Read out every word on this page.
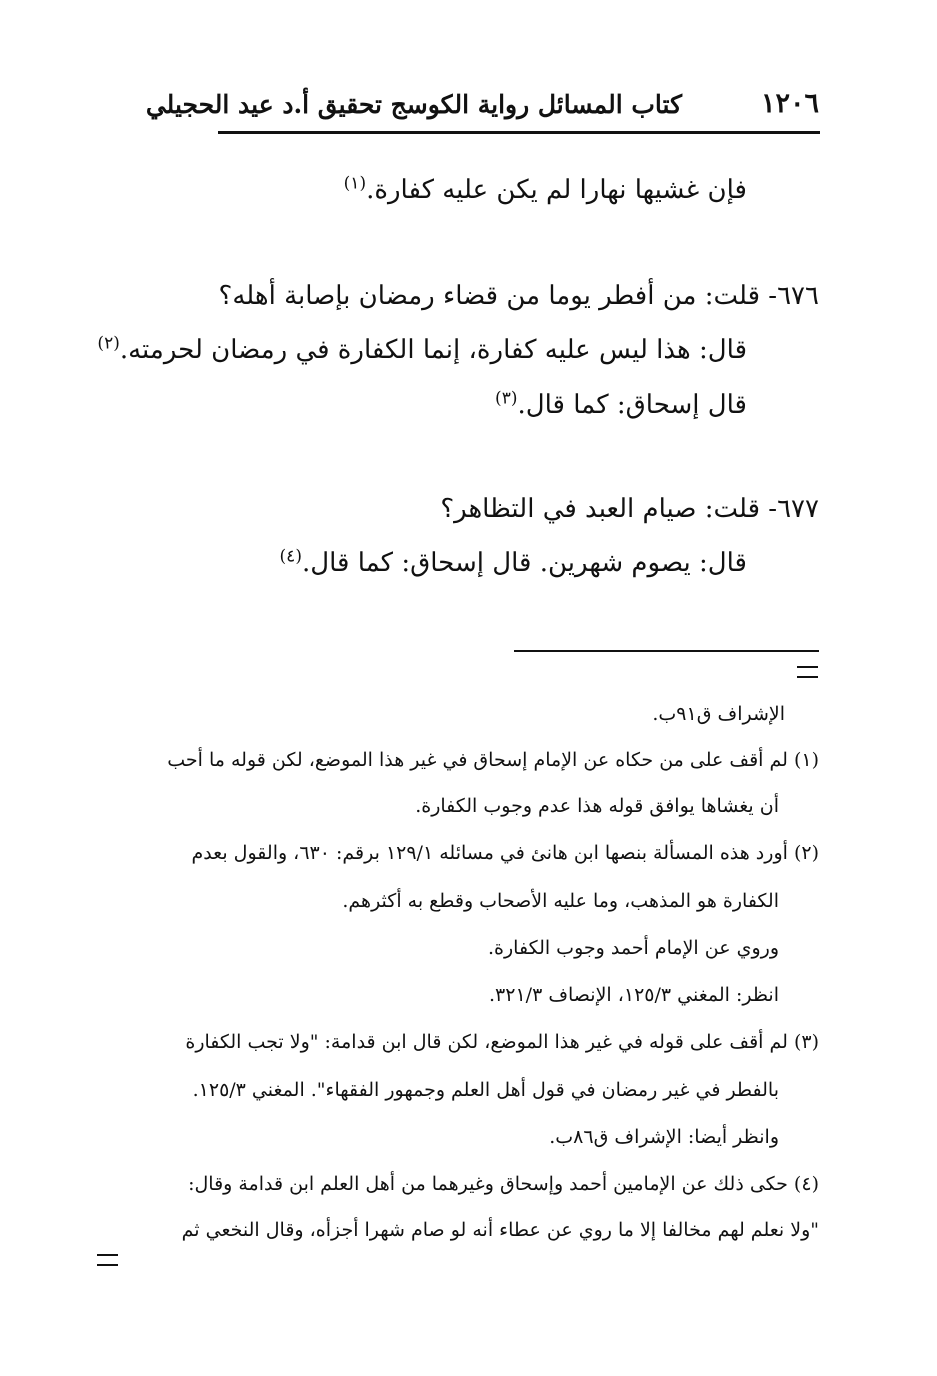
١٢٠٦
كتاب المسائل رواية الكوسج تحقيق أ.د عيد الحجيلي
فإن غشيها نهارا لم يكن عليه كفارة.$^{(١)}$
٦٧٦- قلت: من أفطر يوما من قضاء رمضان بإصابة أهله؟
قال: هذا ليس عليه كفارة، إنما الكفارة في رمضان لحرمته.$^{(٢)}$
قال إسحاق: كما قال.$^{(٣)}$
٦٧٧- قلت: صيام العبد في التظاهر؟
قال: يصوم شهرين. قال إسحاق: كما قال.$^{(٤)}$
الإشراف ق٩١ب.
(١) لم أقف على من حكاه عن الإمام إسحاق في غير هذا الموضع، لكن قوله ما أحب
أن يغشاها يوافق قوله هذا عدم وجوب الكفارة.
(٢) أورد هذه المسألة بنصها ابن هانئ في مسائله ١٢٩/١ برقم: ٦٣٠، والقول بعدم
الكفارة هو المذهب، وما عليه الأصحاب وقطع به أكثرهم.
وروي عن الإمام أحمد وجوب الكفارة.
انظر: المغني ١٢٥/٣، الإنصاف ٣٢١/٣.
(٣) لم أقف على قوله في غير هذا الموضع، لكن قال ابن قدامة: "ولا تجب الكفارة
بالفطر في غير رمضان في قول أهل العلم وجمهور الفقهاء". المغني ١٢٥/٣.
وانظر أيضا: الإشراف ق٨٦ب.
(٤) حكى ذلك عن الإمامين أحمد وإسحاق وغيرهما من أهل العلم ابن قدامة وقال:
"ولا نعلم لهم مخالفا إلا ما روي عن عطاء أنه لو صام شهرا أجزأه، وقال النخعي ثم
